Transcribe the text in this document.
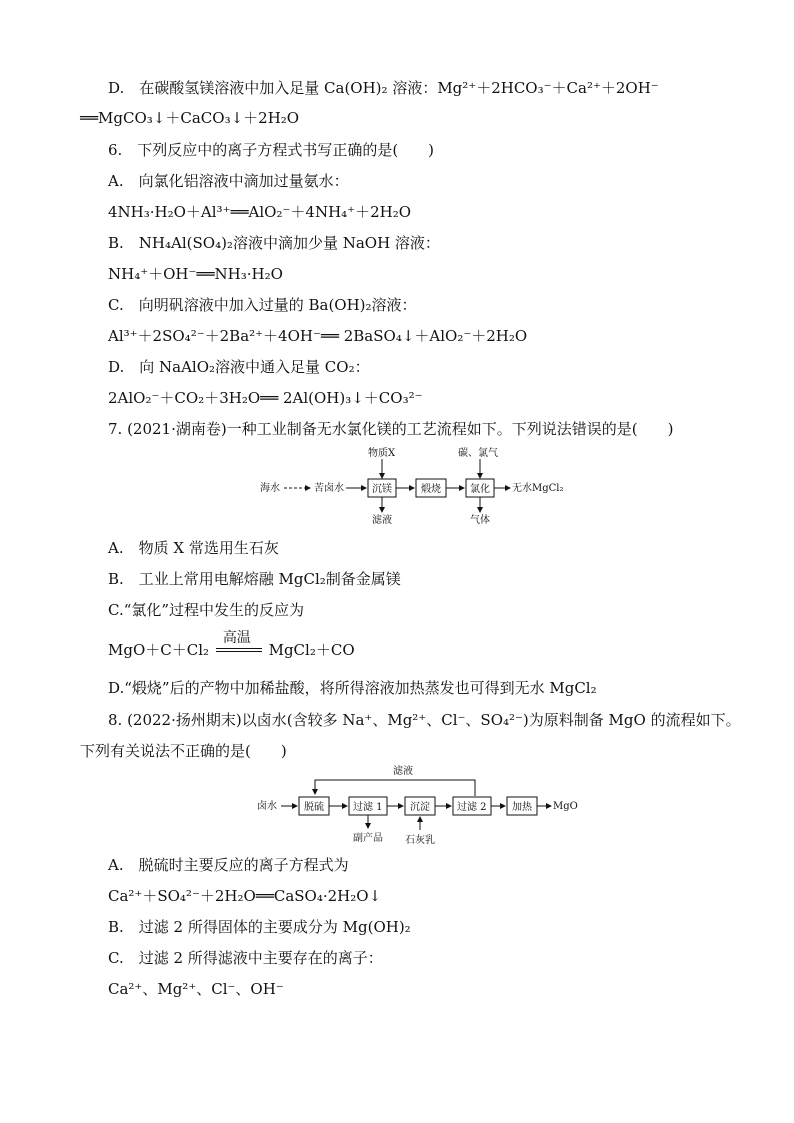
D.　在碳酸氢镁溶液中加入足量 Ca(OH)₂ 溶液：Mg²⁺＋2HCO₃⁻＋Ca²⁺＋2OH⁻
══MgCO₃↓＋CaCO₃↓＋2H₂O
6.　下列反应中的离子方程式书写正确的是(　　)
A.　向氯化铝溶液中滴加过量氨水：
4NH₃·H₂O＋Al³⁺══AlO₂⁻＋4NH₄⁺＋2H₂O
B.　NH₄Al(SO₄)₂溶液中滴加少量 NaOH 溶液：
NH₄⁺＋OH⁻══NH₃·H₂O
C.　向明矾溶液中加入过量的 Ba(OH)₂溶液：
Al³⁺＋2SO₄²⁻＋2Ba²⁺＋4OH⁻══ 2BaSO₄↓＋AlO₂⁻＋2H₂O
D.　向 NaAlO₂溶液中通入足量 CO₂：
2AlO₂⁻＋CO₂＋3H₂O══ 2Al(OH)₃↓＋CO₃²⁻
7. (2021·湖南卷)一种工业制备无水氯化镁的工艺流程如下。下列说法错误的是(　　)
海水	苦卤水	沉镁	煅烧	氯化 无水MgCl₂
物质X	碳、氯气
滤液	气体
A.　物质 X 常选用生石灰
B.　工业上常用电解熔融 MgCl₂制备金属镁
C.“氯化”过程中发生的反应为
MgO＋C＋Cl₂
高温
MgCl₂＋CO
D.“煅烧”后的产物中加稀盐酸，将所得溶液加热蒸发也可得到无水 MgCl₂
8. (2022·扬州期末)以卤水(含较多 Na⁺、Mg²⁺、Cl⁻、SO₄²⁻)为原料制备 MgO 的流程如下。
下列有关说法不正确的是(　　)
滤液
卤水	脱硫	过滤 1	沉淀	过滤 2	加热 MgO
副产品 石灰乳
A.　脱硫时主要反应的离子方程式为
Ca²⁺＋SO₄²⁻＋2H₂O══CaSO₄·2H₂O↓
B.　过滤 2 所得固体的主要成分为 Mg(OH)₂
C.　过滤 2 所得滤液中主要存在的离子：
Ca²⁺、Mg²⁺、Cl⁻、OH⁻
